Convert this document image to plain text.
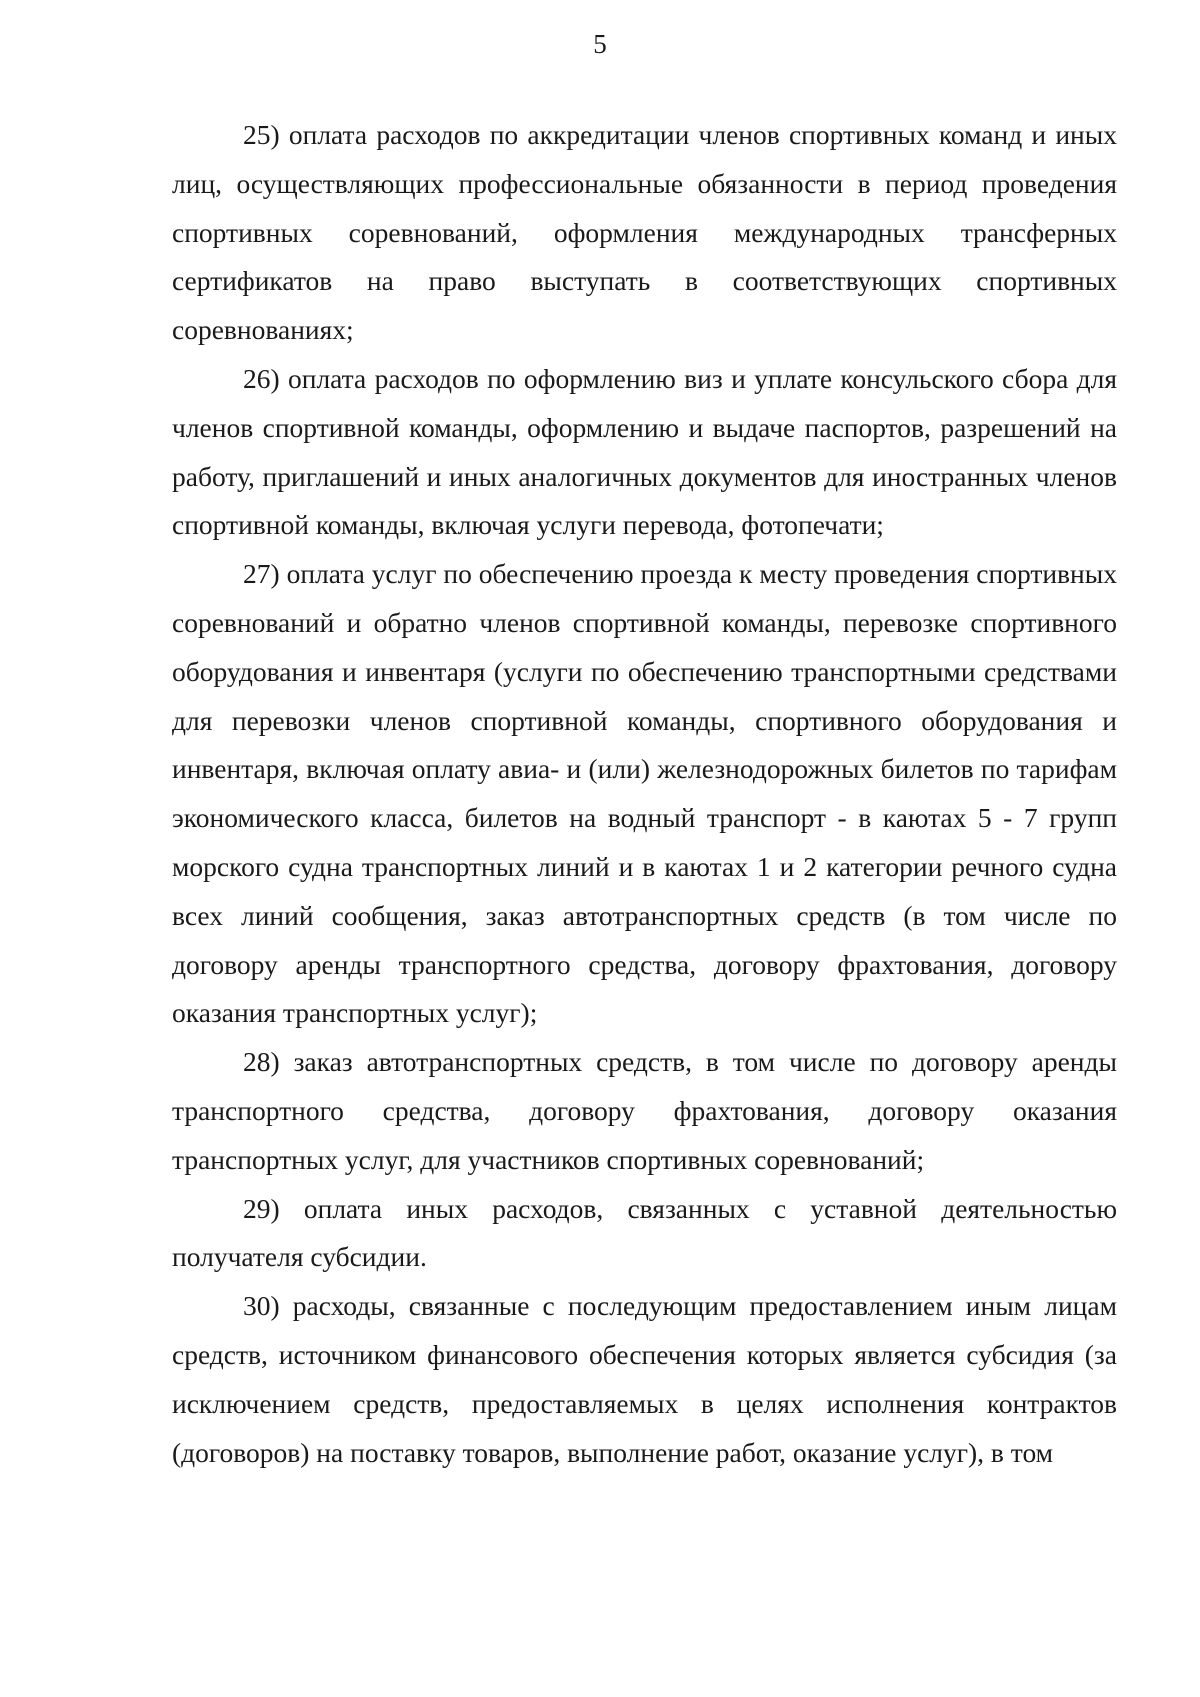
5

25) оплата расходов по аккредитации членов спортивных команд и иных лиц, осуществляющих профессиональные обязанности в период проведения спортивных соревнований, оформления международных трансферных сертификатов на право выступать в соответствующих спортивных соревнованиях;

26) оплата расходов по оформлению виз и уплате консульского сбора для членов спортивной команды, оформлению и выдаче паспортов, разрешений на работу, приглашений и иных аналогичных документов для иностранных членов спортивной команды, включая услуги перевода, фотопечати;

27) оплата услуг по обеспечению проезда к месту проведения спортивных соревнований и обратно членов спортивной команды, перевозке спортивного оборудования и инвентаря (услуги по обеспечению транспортными средствами для перевозки членов спортивной команды, спортивного оборудования и инвентаря, включая оплату авиа- и (или) железнодорожных билетов по тарифам экономического класса, билетов на водный транспорт - в каютах 5 - 7 групп морского судна транспортных линий и в каютах 1 и 2 категории речного судна всех линий сообщения, заказ автотранспортных средств (в том числе по договору аренды транспортного средства, договору фрахтования, договору оказания транспортных услуг);

28) заказ автотранспортных средств, в том числе по договору аренды транспортного средства, договору фрахтования, договору оказания транспортных услуг, для участников спортивных соревнований;

29) оплата иных расходов, связанных с уставной деятельностью получателя субсидии.

30) расходы, связанные с последующим предоставлением иным лицам средств, источником финансового обеспечения которых является субсидия (за исключением средств, предоставляемых в целях исполнения контрактов (договоров) на поставку товаров, выполнение работ, оказание услуг), в том
